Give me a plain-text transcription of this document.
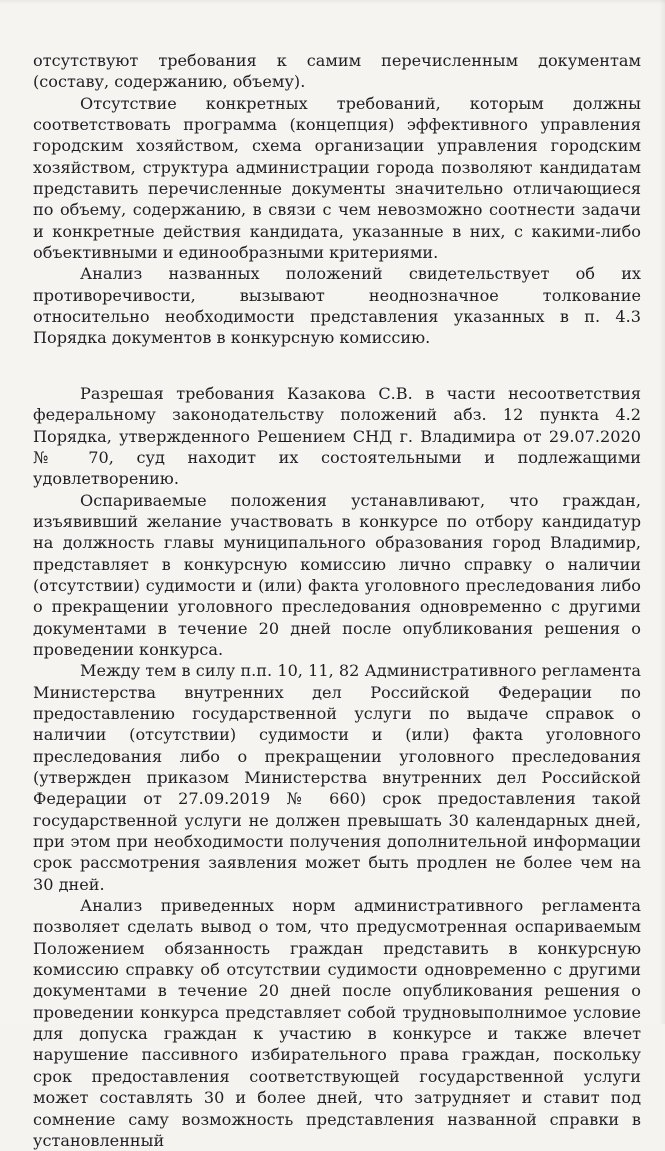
отсутствуют требования к самим перечисленным документам (составу, содержанию, объему).

Отсутствие конкретных требований, которым должны соответствовать программа (концепция) эффективного управления городским хозяйством, схема организации управления городским хозяйством, структура администрации города позволяют кандидатам представить перечисленные документы значительно отличающиеся по объему, содержанию, в связи с чем невозможно соотнести задачи и конкретные действия кандидата, указанные в них, с какими-либо объективными и единообразными критериями.

Анализ названных положений свидетельствует об их противоречивости, вызывают неоднозначное толкование относительно необходимости представления указанных в п. 4.3 Порядка документов в конкурсную комиссию.

Разрешая требования Казакова С.В. в части несоответствия федеральному законодательству положений абз. 12 пункта 4.2 Порядка, утвержденного Решением СНД г. Владимира от 29.07.2020 № 70, суд находит их состоятельными и подлежащими удовлетворению.

Оспариваемые положения устанавливают, что граждан, изъявивший желание участвовать в конкурсе по отбору кандидатур на должность главы муниципального образования город Владимир, представляет в конкурсную комиссию лично справку о наличии (отсутствии) судимости и (или) факта уголовного преследования либо о прекращении уголовного преследования одновременно с другими документами в течение 20 дней после опубликования решения о проведении конкурса.

Между тем в силу п.п. 10, 11, 82 Административного регламента Министерства внутренних дел Российской Федерации по предоставлению государственной услуги по выдаче справок о наличии (отсутствии) судимости и (или) факта уголовного преследования либо о прекращении уголовного преследования (утвержден приказом Министерства внутренних дел Российской Федерации от 27.09.2019 № 660) срок предоставления такой государственной услуги не должен превышать 30 календарных дней, при этом при необходимости получения дополнительной информации срок рассмотрения заявления может быть продлен не более чем на 30 дней.

Анализ приведенных норм административного регламента позволяет сделать вывод о том, что предусмотренная оспариваемым Положением обязанность граждан представить в конкурсную комиссию справку об отсутствии судимости одновременно с другими документами в течение 20 дней после опубликования решения о проведении конкурса представляет собой трудновыполнимое условие для допуска граждан к участию в конкурсе и также влечет нарушение пассивного избирательного права граждан, поскольку срок предоставления соответствующей государственной услуги может составлять 30 и более дней, что затрудняет и ставит под сомнение саму возможность представления названной справки в установленный
